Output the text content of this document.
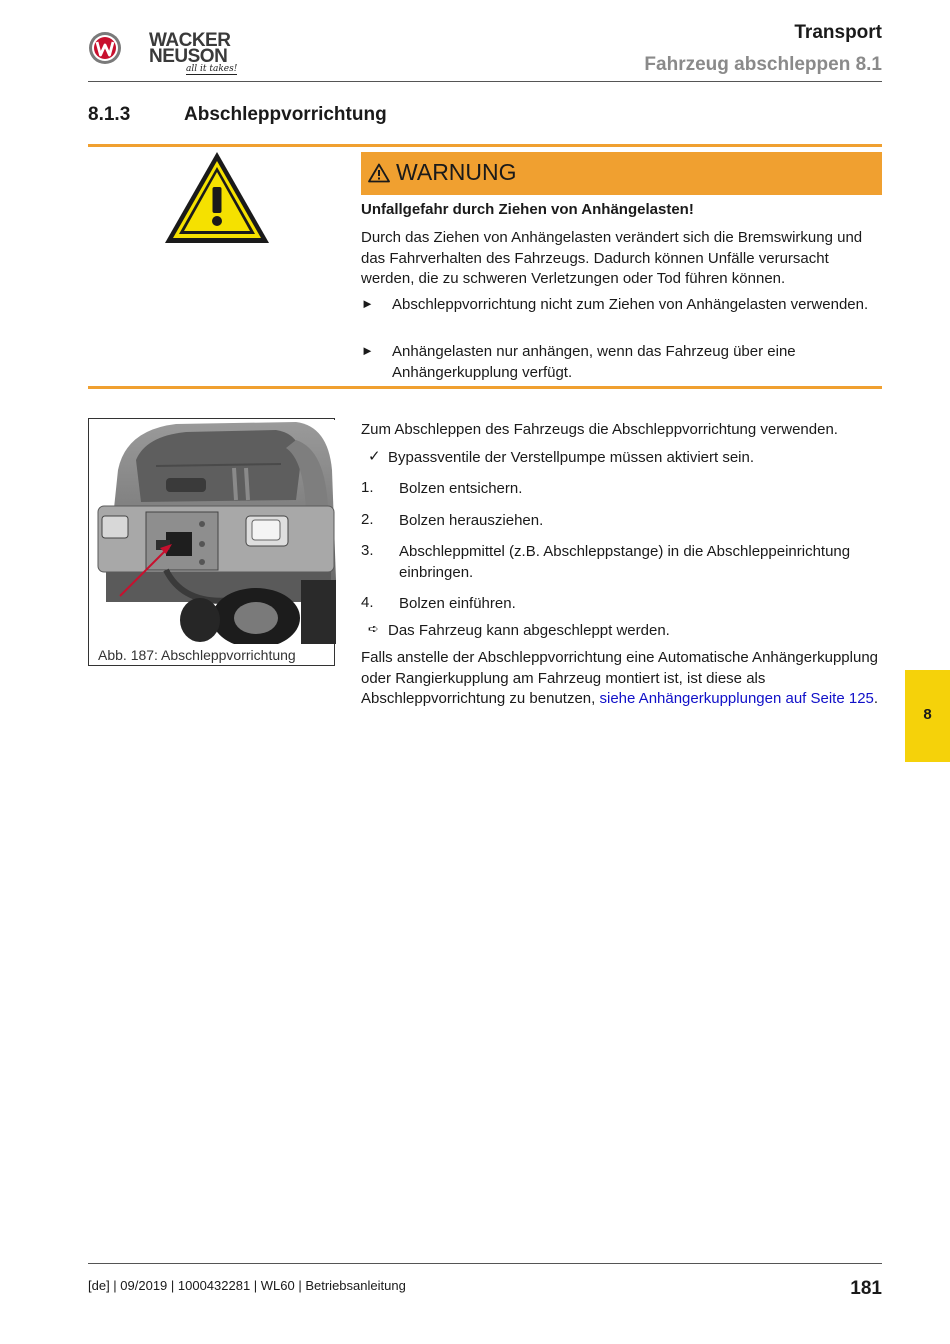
WACKER
NEUSON
all it takes!
Transport
Fahrzeug abschleppen 8.1
8.1.3	Abschleppvorrichtung
WARNUNG
Unfallgefahr durch Ziehen von Anhängelasten!
Durch das Ziehen von Anhängelasten verändert sich die Bremswirkung und das Fahrverhalten des Fahrzeugs. Dadurch können Unfälle verursacht werden, die zu schweren Verletzungen oder Tod führen können.
► Abschleppvorrichtung nicht zum Ziehen von Anhängelasten verwenden.
► Anhängelasten nur anhängen, wenn das Fahrzeug über eine Anhängerkupplung verfügt.
Abb. 187: Abschleppvorrichtung
Zum Abschleppen des Fahrzeugs die Abschleppvorrichtung verwenden.
✓ Bypassventile der Verstellpumpe müssen aktiviert sein.
1. Bolzen entsichern.
2. Bolzen herausziehen.
3. Abschleppmittel (z.B. Abschleppstange) in die Abschleppeinrichtung einbringen.
4. Bolzen einführen.
➪ Das Fahrzeug kann abgeschleppt werden.
Falls anstelle der Abschleppvorrichtung eine Automatische Anhängerkupplung oder Rangierkupplung am Fahrzeug montiert ist, ist diese als Abschleppvorrichtung zu benutzen, siehe Anhängerkupplungen auf Seite 125.
8
[de] | 09/2019 | 1000432281 | WL60 | Betriebsanleitung	181
